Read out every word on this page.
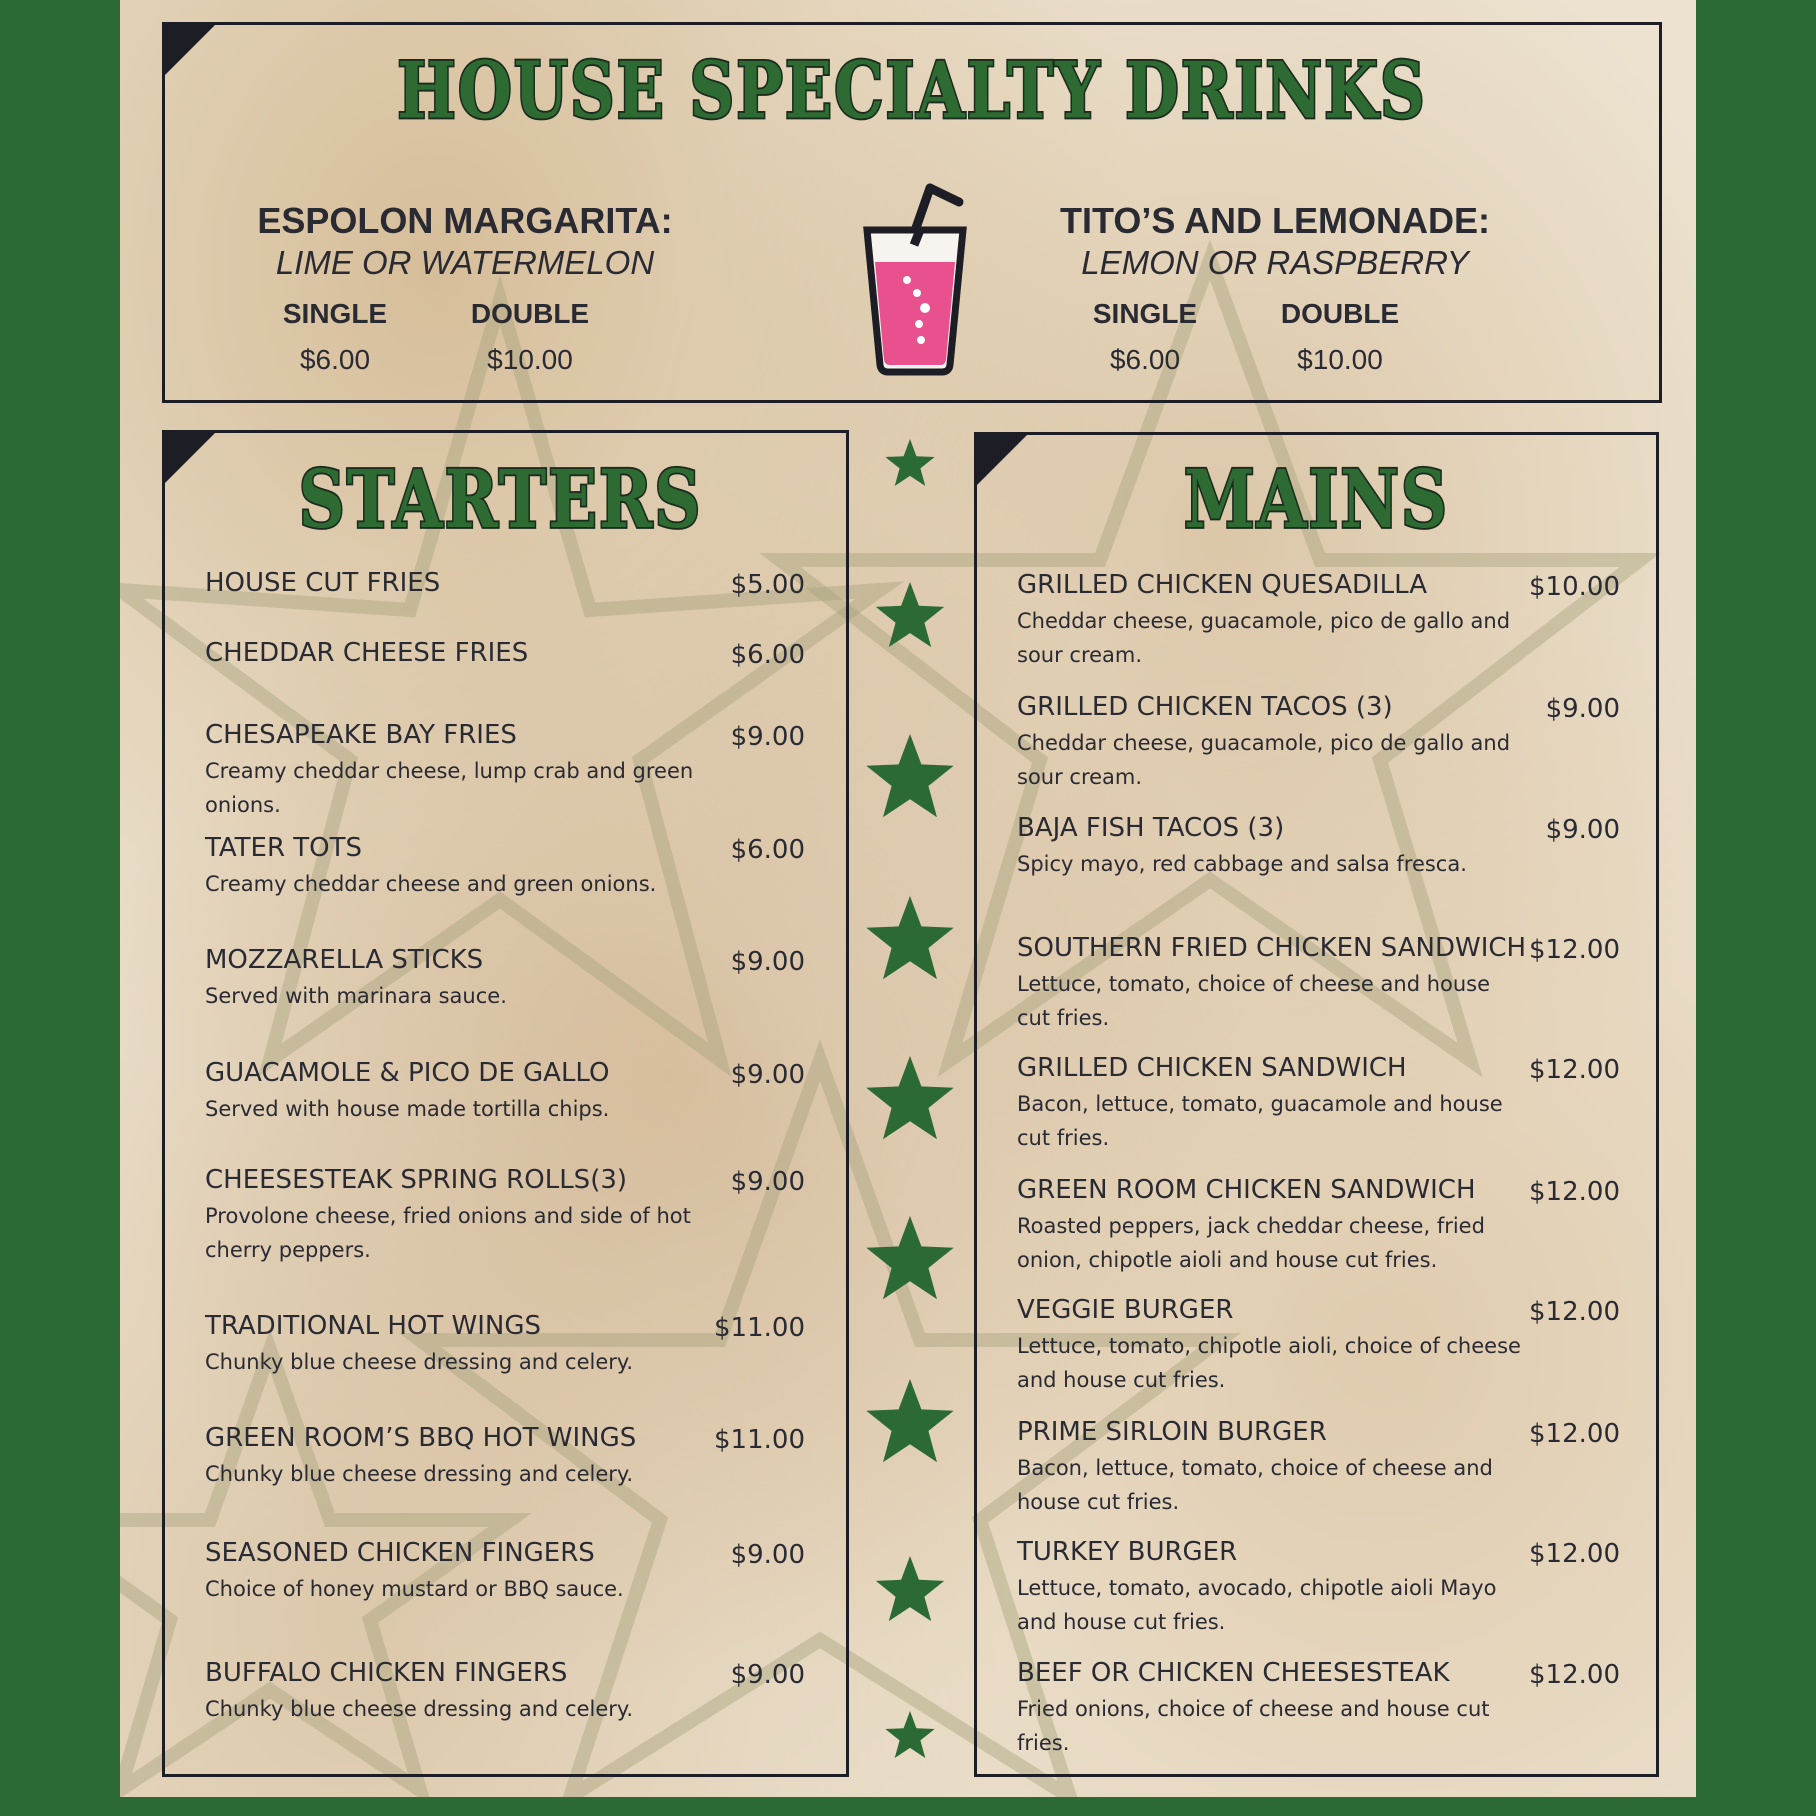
HOUSE SPECIALTY DRINKS
ESPOLON MARGARITA:
LIME OR WATERMELON
SINGLE
$6.00
DOUBLE
$10.00
TITO’S AND LEMONADE:
LEMON OR RASPBERRY
SINGLE
$6.00
DOUBLE
$10.00
STARTERS
HOUSE CUT FRIES	$5.00
CHEDDAR CHEESE FRIES	$6.00
CHESAPEAKE BAY FRIES	$9.00
Creamy cheddar cheese, lump crab and green onions.
TATER TOTS	$6.00
Creamy cheddar cheese and green onions.
MOZZARELLA STICKS	$9.00
Served with marinara sauce.
GUACAMOLE & PICO DE GALLO	$9.00
Served with house made tortilla chips.
CHEESESTEAK SPRING ROLLS(3)	$9.00
Provolone cheese, fried onions and side of hot cherry peppers.
TRADITIONAL HOT WINGS	$11.00
Chunky blue cheese dressing and celery.
GREEN ROOM’S BBQ HOT WINGS	$11.00
Chunky blue cheese dressing and celery.
SEASONED CHICKEN FINGERS	$9.00
Choice of honey mustard or BBQ sauce.
BUFFALO CHICKEN FINGERS	$9.00
Chunky blue cheese dressing and celery.
MAINS
GRILLED CHICKEN QUESADILLA	$10.00
Cheddar cheese, guacamole, pico de gallo and sour cream.
GRILLED CHICKEN TACOS (3)	$9.00
Cheddar cheese, guacamole, pico de gallo and sour cream.
BAJA FISH TACOS (3)	$9.00
Spicy mayo, red cabbage and salsa fresca.
SOUTHERN FRIED CHICKEN SANDWICH $12.00
Lettuce, tomato, choice of cheese and house cut fries.
GRILLED CHICKEN SANDWICH	$12.00
Bacon, lettuce, tomato, guacamole and house cut fries.
GREEN ROOM CHICKEN SANDWICH	$12.00
Roasted peppers, jack cheddar cheese, fried onion, chipotle aioli and house cut fries.
VEGGIE BURGER	$12.00
Lettuce, tomato, chipotle aioli, choice of cheese and house cut fries.
PRIME SIRLOIN BURGER	$12.00
Bacon, lettuce, tomato, choice of cheese and house cut fries.
TURKEY BURGER	$12.00
Lettuce, tomato, avocado, chipotle aioli Mayo and house cut fries.
BEEF OR CHICKEN CHEESESTEAK	$12.00
Fried onions, choice of cheese and house cut fries.
